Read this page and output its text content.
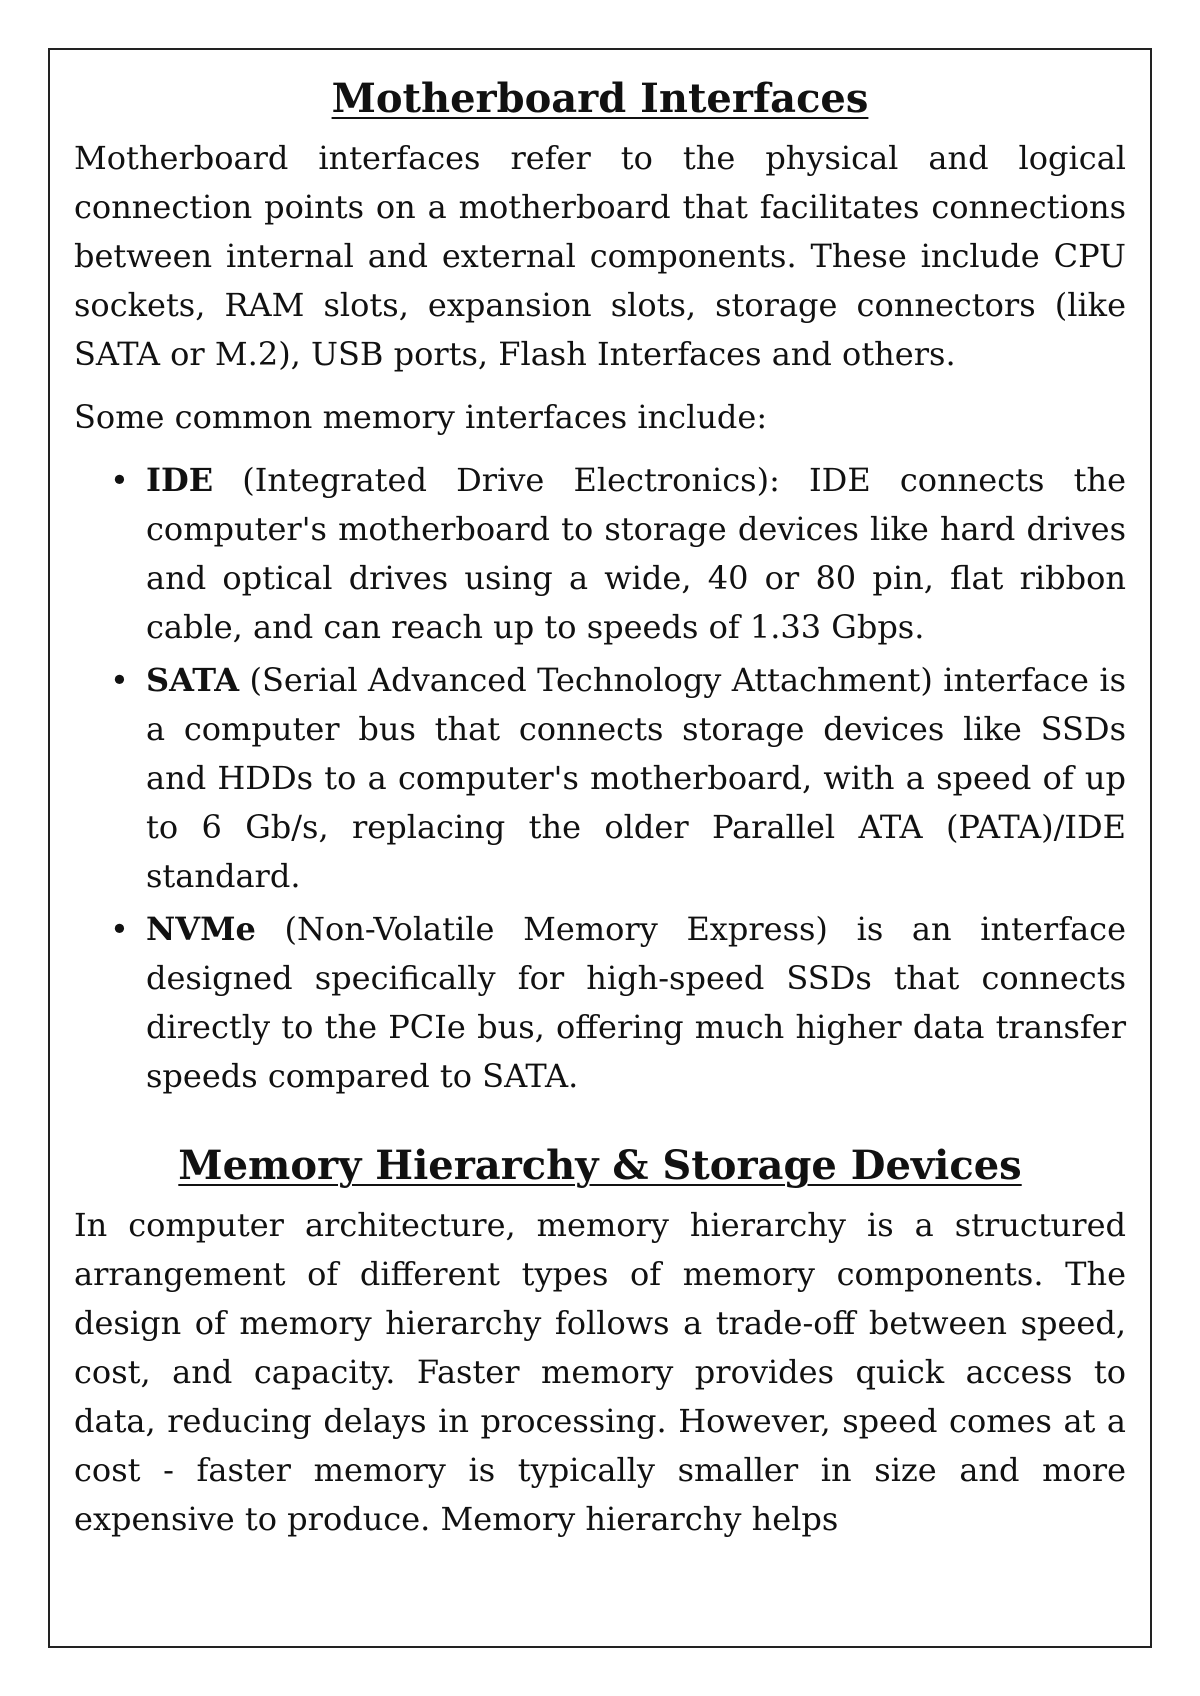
Motherboard Interfaces

Motherboard interfaces refer to the physical and logical connection points on a motherboard that facilitates connections between internal and external components. These include CPU sockets, RAM slots, expansion slots, storage connectors (like SATA or M.2), USB ports, Flash Interfaces and others.

Some common memory interfaces include:

• IDE (Integrated Drive Electronics): IDE connects the computer's motherboard to storage devices like hard drives and optical drives using a wide, 40 or 80 pin, flat ribbon cable, and can reach up to speeds of 1.33 Gbps.
• SATA (Serial Advanced Technology Attachment) interface is a computer bus that connects storage devices like SSDs and HDDs to a computer's motherboard, with a speed of up to 6 Gb/s, replacing the older Parallel ATA (PATA)/IDE standard.
• NVMe (Non-Volatile Memory Express) is an interface designed specifically for high-speed SSDs that connects directly to the PCIe bus, offering much higher data transfer speeds compared to SATA.
Memory Hierarchy & Storage Devices

In computer architecture, memory hierarchy is a structured arrangement of different types of memory components. The design of memory hierarchy follows a trade-off between speed, cost, and capacity. Faster memory provides quick access to data, reducing delays in processing. However, speed comes at a cost - faster memory is typically smaller in size and more expensive to produce. Memory hierarchy helps
